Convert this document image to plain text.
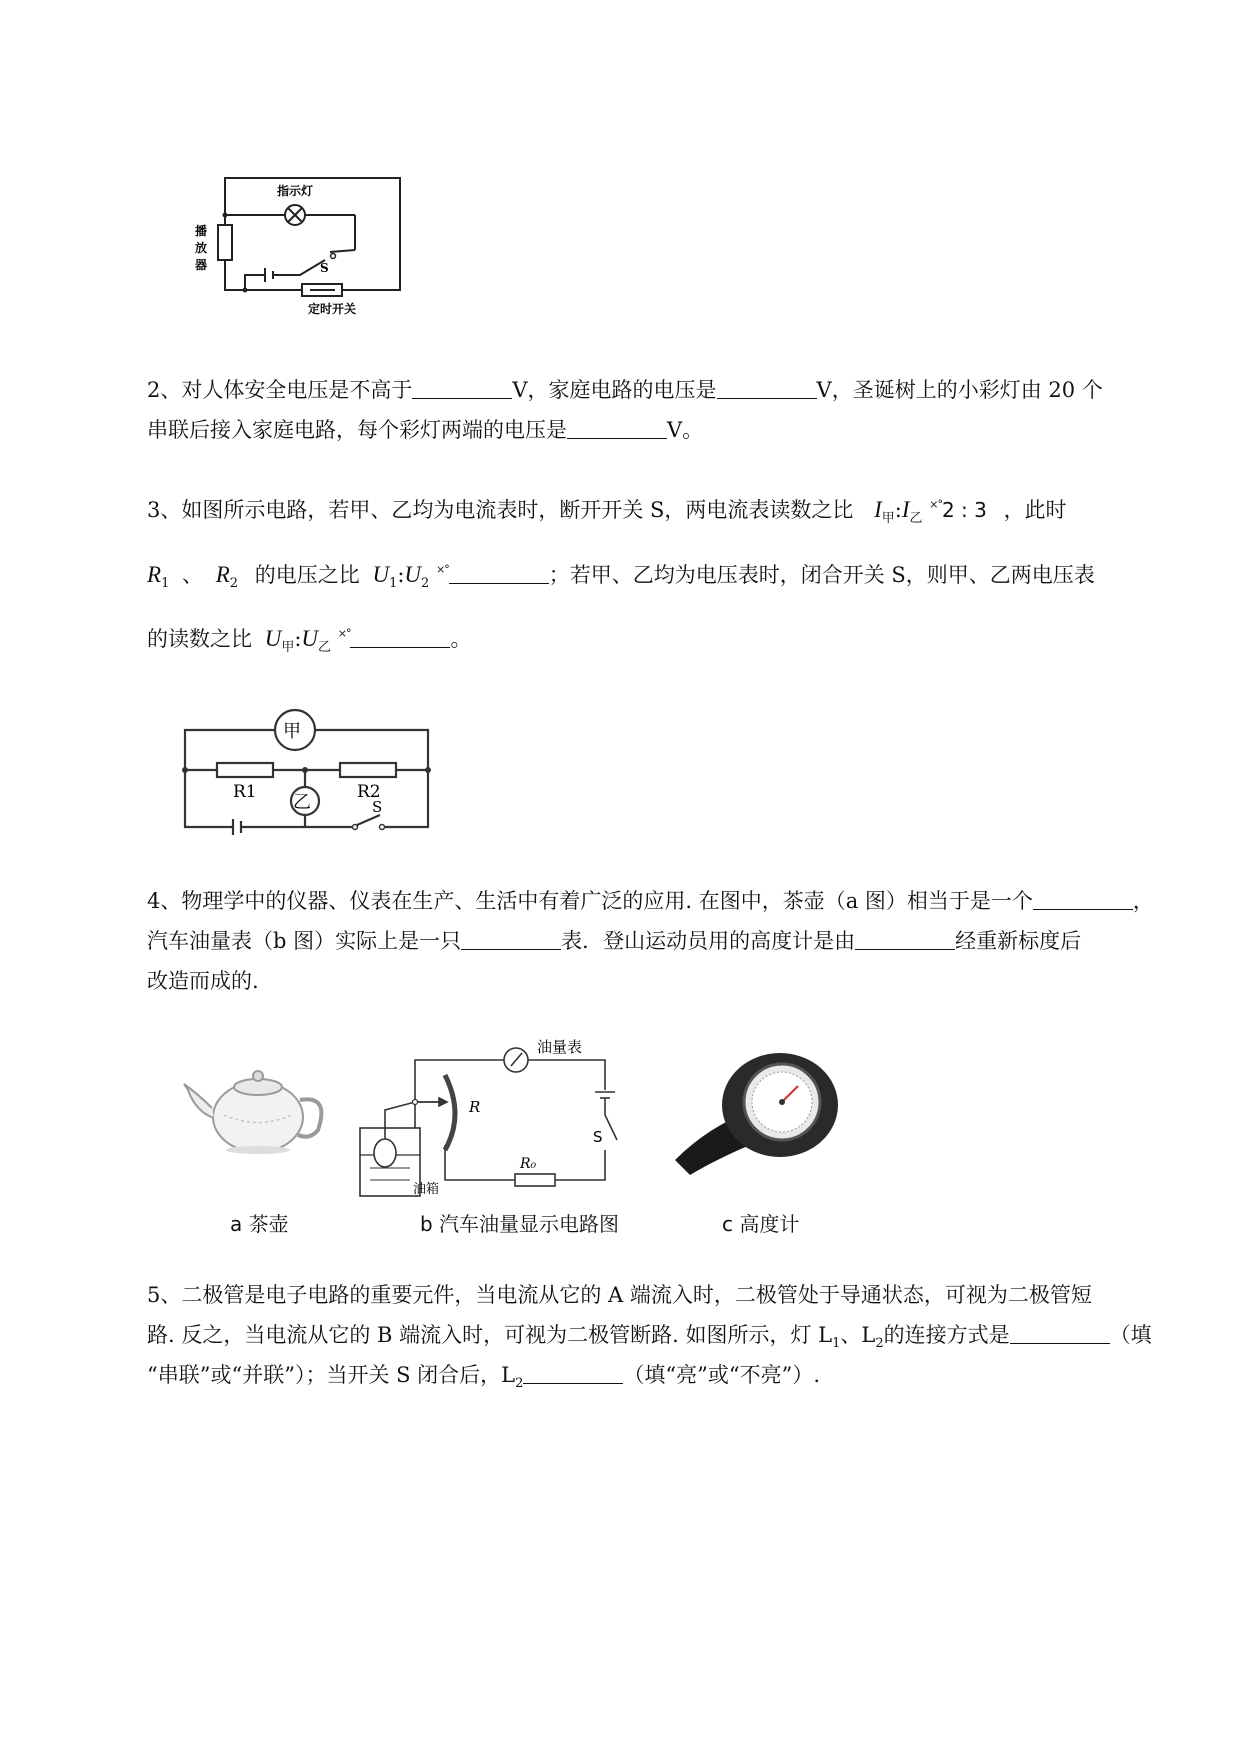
指示灯
播
放
器	S
定时开关
2、对人体安全电压是不高于	V，家庭电路的电压是	V，圣诞树上的小彩灯由 20 个
串联后接入家庭电路，每个彩灯两端的电压是	V。
3、如图所示电路，若甲、乙均为电流表时，断开开关 S，两电流表读数之比 $I_甲:I_乙$ ×°2 : 3 ，此时
$R_1$ 、 $R_2$ 的电压之比 $U_1:U_2$ ×°	；若甲、乙均为电压表时，闭合开关 S，则甲、乙两电压表
的读数之比 $U_甲:U_乙$ ×°	。
甲
乙
R1	R2
S
4、物理学中的仪器、仪表在生产、生活中有着广泛的应用. 在图中，茶壶（a 图）相当于是一个	，
汽车油量表（b 图）实际上是一只	表．登山运动员用的高度计是由	经重新标度后
改造而成的.
油量表
R
R₀
S
油箱
a 茶壶	b 汽车油量显示电路图	c 高度计
5、二极管是电子电路的重要元件，当电流从它的 A 端流入时，二极管处于导通状态，可视为二极管短
路. 反之，当电流从它的 B 端流入时，可视为二极管断路. 如图所示，灯 $L_1$、$L_2$的连接方式是	（填
“串联”或“并联”）；当开关 S 闭合后，$L_2$	（填“亮”或“不亮”）.
